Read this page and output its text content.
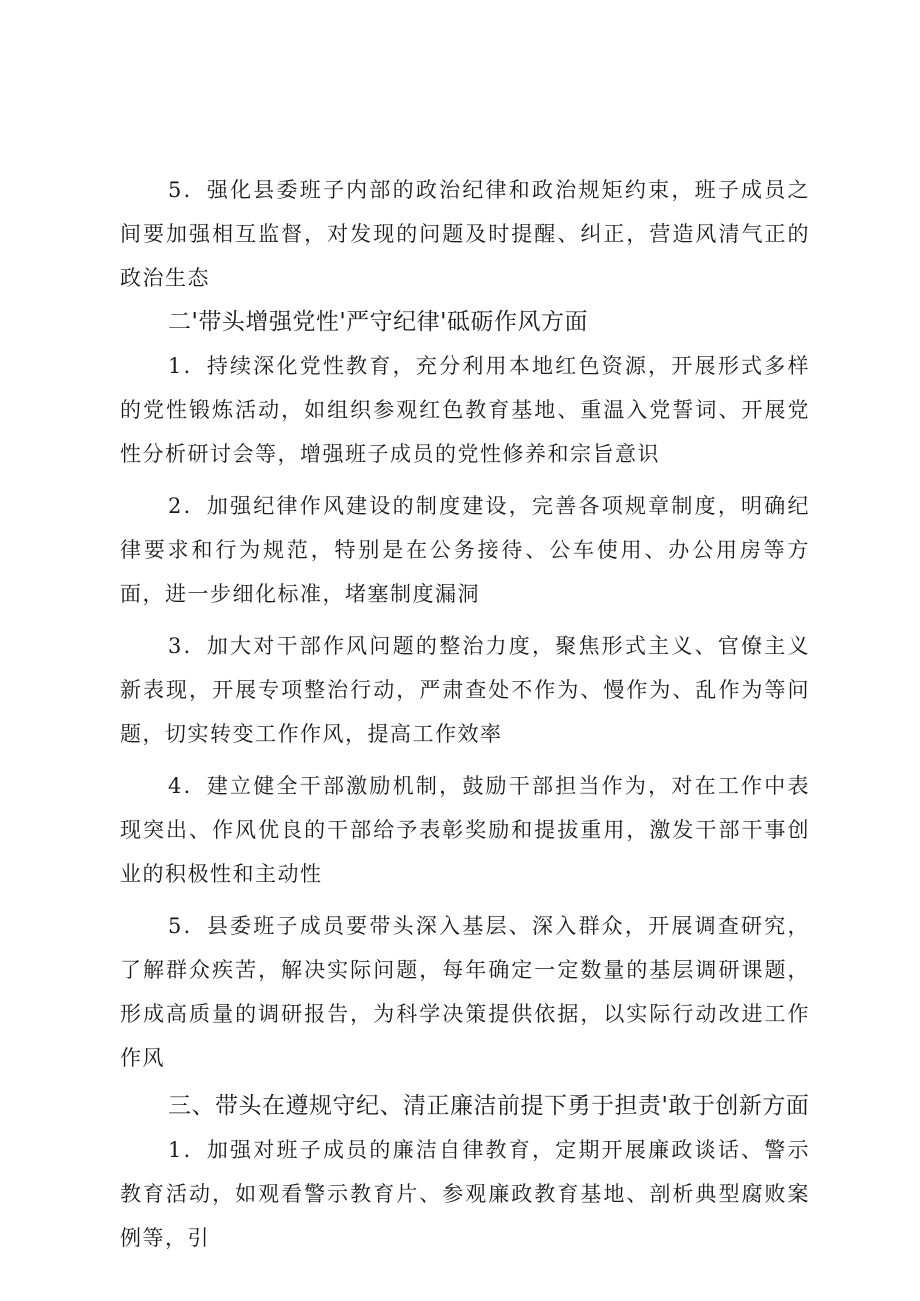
5．强化县委班子内部的政治纪律和政治规矩约束，班子成员之间要加强相互监督，对发现的问题及时提醒、纠正，营造风清气正的政治生态

二'带头增强党性'严守纪律'砥砺作风方面

1．持续深化党性教育，充分利用本地红色资源，开展形式多样的党性锻炼活动，如组织参观红色教育基地、重温入党誓词、开展党性分析研讨会等，增强班子成员的党性修养和宗旨意识

2．加强纪律作风建设的制度建设，完善各项规章制度，明确纪律要求和行为规范，特别是在公务接待、公车使用、办公用房等方面，进一步细化标准，堵塞制度漏洞

3．加大对干部作风问题的整治力度，聚焦形式主义、官僚主义新表现，开展专项整治行动，严肃查处不作为、慢作为、乱作为等问题，切实转变工作作风，提高工作效率

4．建立健全干部激励机制，鼓励干部担当作为，对在工作中表现突出、作风优良的干部给予表彰奖励和提拔重用，激发干部干事创业的积极性和主动性

5．县委班子成员要带头深入基层、深入群众，开展调查研究，了解群众疾苦，解决实际问题，每年确定一定数量的基层调研课题，形成高质量的调研报告，为科学决策提供依据，以实际行动改进工作作风

三、带头在遵规守纪、清正廉洁前提下勇于担责'敢于创新方面

1．加强对班子成员的廉洁自律教育，定期开展廉政谈话、警示教育活动，如观看警示教育片、参观廉政教育基地、剖析典型腐败案例等，引
